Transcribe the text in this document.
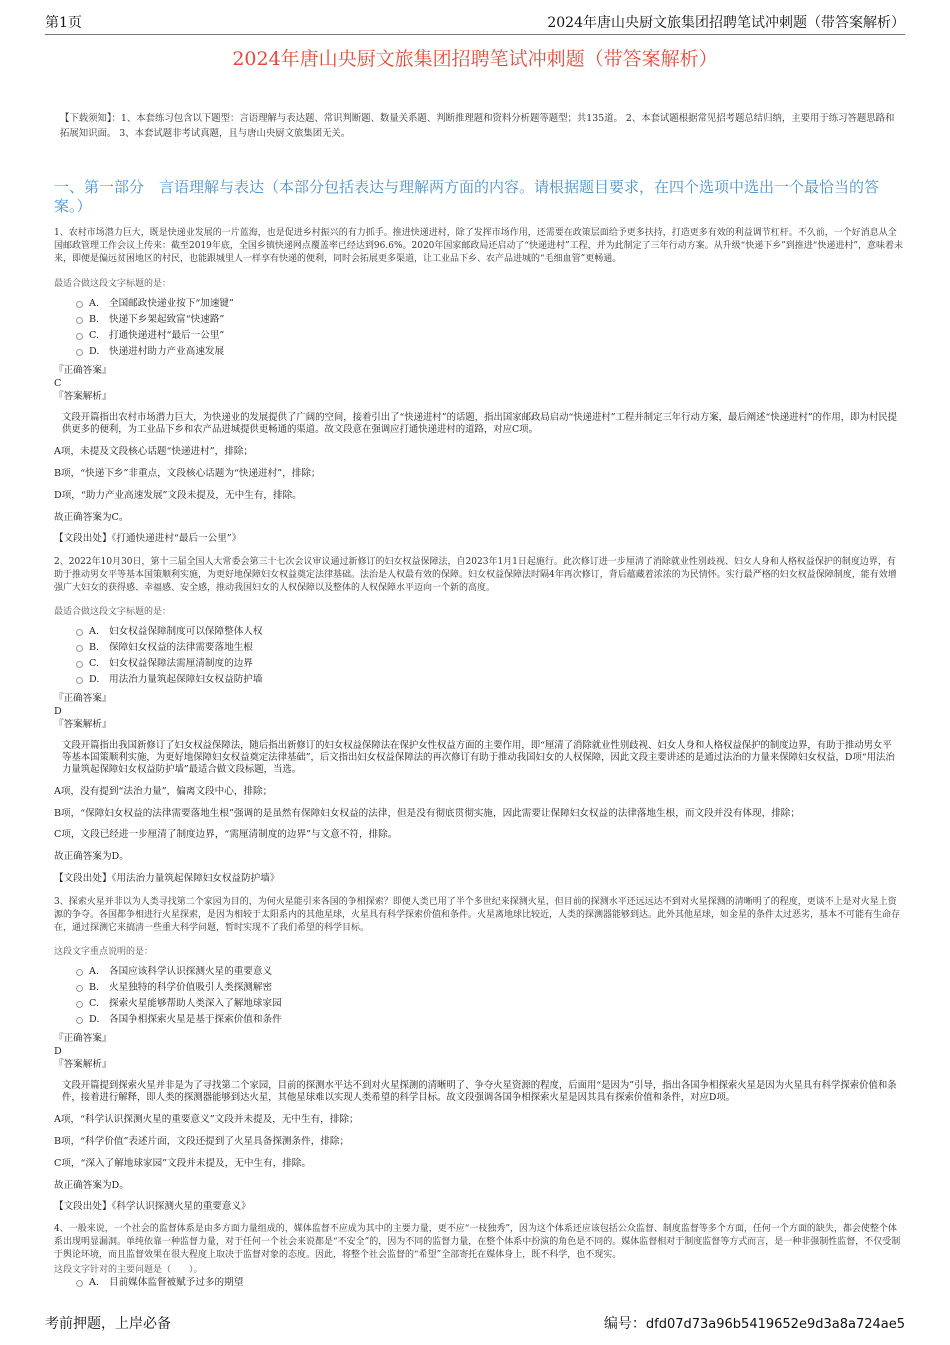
第1页	2024年唐山央厨文旅集团招聘笔试冲刺题（带答案解析）
2024年唐山央厨文旅集团招聘笔试冲刺题（带答案解析）
【下载须知】：1、本套练习包含以下题型：言语理解与表达题、常识判断题、数量关系题、判断推理题和资料分析题等题型；共135道。 2、本套试题根据常见招考题总结归纳，主要用于练习答题思路和拓展知识面。 3、本套试题非考试真题，且与唐山央厨文旅集团无关。
一、第一部分　言语理解与表达（本部分包括表达与理解两方面的内容。请根据题目要求，在四个选项中选出一个最恰当的答案。）
1、农村市场潜力巨大，既是快递业发展的一片蓝海，也是促进乡村振兴的有力抓手。推进快递进村，除了发挥市场作用，还需要在政策层面给予更多扶持，打造更多有效的利益调节杠杆。不久前，一个好消息从全国邮政管理工作会议上传来：截至2019年底，全国乡镇快递网点覆盖率已经达到96.6%。2020年国家邮政局还启动了“快递进村”工程，并为此制定了三年行动方案。从升级“快递下乡”到推进“快递进村”，意味着未来，即便是偏远贫困地区的村民，也能跟城里人一样享有快递的便利，同时会拓展更多渠道，让工业品下乡、农产品进城的“毛细血管”更畅通。
最适合做这段文字标题的是：
A.	全国邮政快递业按下“加速键”
B.	快递下乡架起致富“快速路”
C.	打通快递进村“最后一公里”
D. 快递进村助力产业高速发展
『正确答案』
C
『答案解析』
文段开篇指出农村市场潜力巨大，为快递业的发展提供了广阔的空间，接着引出了“快递进村”的话题，指出国家邮政局启动“快递进村”工程并制定三年行动方案，最后阐述“快递进村”的作用，即为村民提供更多的便利，为工业品下乡和农产品进城提供更畅通的渠道。故文段意在强调应打通快递进村的道路，对应C项。
A项，未提及文段核心话题“快递进村”，排除；
B项，“快递下乡”非重点，文段核心话题为“快递进村”，排除；
D项，“助力产业高速发展”文段未提及，无中生有，排除。
故正确答案为C。
【文段出处】《打通快递进村“最后一公里”》
2、2022年10月30日，第十三届全国人大常委会第三十七次会议审议通过新修订的妇女权益保障法，自2023年1月1日起施行。此次修订进一步厘清了消除就业性别歧视、妇女人身和人格权益保护的制度边界，有助于推动男女平等基本国策顺利实施，为更好地保障妇女权益奠定法律基础。法治是人权最有效的保障。妇女权益保障法时隔4年再次修订，背后蕴藏着浓浓的为民情怀。实行最严格的妇女权益保障制度，能有效增强广大妇女的获得感、幸福感、安全感，推动我国妇女的人权保障以及整体的人权保障水平迈向一个新的高度。
最适合做这段文字标题的是：
A.	妇女权益保障制度可以保障整体人权
B.	保障妇女权益的法律需要落地生根
C.	妇女权益保障法需厘清制度的边界
D. 用法治力量筑起保障妇女权益防护墙
『正确答案』
D
『答案解析』
文段开篇指出我国新修订了妇女权益保障法，随后指出新修订的妇女权益保障法在保护女性权益方面的主要作用，即“厘清了消除就业性别歧视、妇女人身和人格权益保护的制度边界，有助于推动男女平等基本国策顺利实施，为更好地保障妇女权益奠定法律基础”，后文指出妇女权益保障法的再次修订有助于推动我国妇女的人权保障，因此文段主要讲述的是通过法治的力量来保障妇女权益，D项“用法治力量筑起保障妇女权益防护墙”最适合做文段标题，当选。
A项，没有提到“法治力量”，偏离文段中心，排除；
B项，“保障妇女权益的法律需要落地生根”强调的是虽然有保障妇女权益的法律，但是没有彻底贯彻实施，因此需要让保障妇女权益的法律落地生根，而文段并没有体现，排除；
C项，文段已经进一步厘清了制度边界，“需厘清制度的边界”与文意不符，排除。
故正确答案为D。
【文段出处】《用法治力量筑起保障妇女权益防护墙》
3、探索火星并非以为人类寻找第二个家园为目的，为何火星能引来各国的争相探索？即便人类已用了半个多世纪来探测火星，但目前的探测水平还远远达不到对火星探测的清晰明了的程度，更谈不上是对火星上资源的争夺。各国都争相进行火星探索，是因为相较于太阳系内的其他星球，火星具有科学探索价值和条件。火星离地球比较近，人类的探测器能够到达。此外其他星球，如金星的条件太过恶劣，基本不可能有生命存在，通过探测它来搞清一些重大科学问题，暂时实现不了我们希望的科学目标。
这段文字重点说明的是：
A.	各国应该科学认识探测火星的重要意义
B.	火星独特的科学价值吸引人类探测解密
C.	探索火星能够帮助人类深入了解地球家园
D. 各国争相探索火星是基于探索价值和条件
『正确答案』
D
『答案解析』
文段开篇提到探索火星并非是为了寻找第二个家园，目前的探测水平达不到对火星探测的清晰明了、争夺火星资源的程度，后面用“是因为”引导，指出各国争相探索火星是因为火星具有科学探索价值和条件，接着进行解释，即人类的探测器能够到达火星，其他星球难以实现人类希望的科学目标。故文段强调各国争相探索火星是因其具有探索价值和条件，对应D项。
A项，“科学认识探测火星的重要意义”文段并未提及，无中生有，排除；
B项，“科学价值”表述片面，文段还提到了火星具备探测条件，排除；
C项，“深入了解地球家园”文段并未提及，无中生有，排除。
故正确答案为D。
【文段出处】《科学认识探测火星的重要意义》
4、一般来说，一个社会的监督体系是由多方面力量组成的，媒体监督不应成为其中的主要力量，更不应“一枝独秀”，因为这个体系还应该包括公众监督、制度监督等多个方面，任何一个方面的缺失，都会使整个体系出现明显漏洞。单纯依靠一种监督力量，对于任何一个社会来说都是“不安全”的，因为不同的监督力量，在整个体系中扮演的角色是不同的。媒体监督相对于制度监督等方式而言，是一种非强制性监督，不仅受制于舆论环境，而且监督效果在很大程度上取决于监督对象的态度。因此，将整个社会监督的“希望”全部寄托在媒体身上，既不科学，也不现实。
这段文字针对的主要问题是（　　）。
A.	目前媒体监督被赋予过多的期望
考前押题，上岸必备	编号：dfd07d73a96b5419652e9d3a8a724ae5
